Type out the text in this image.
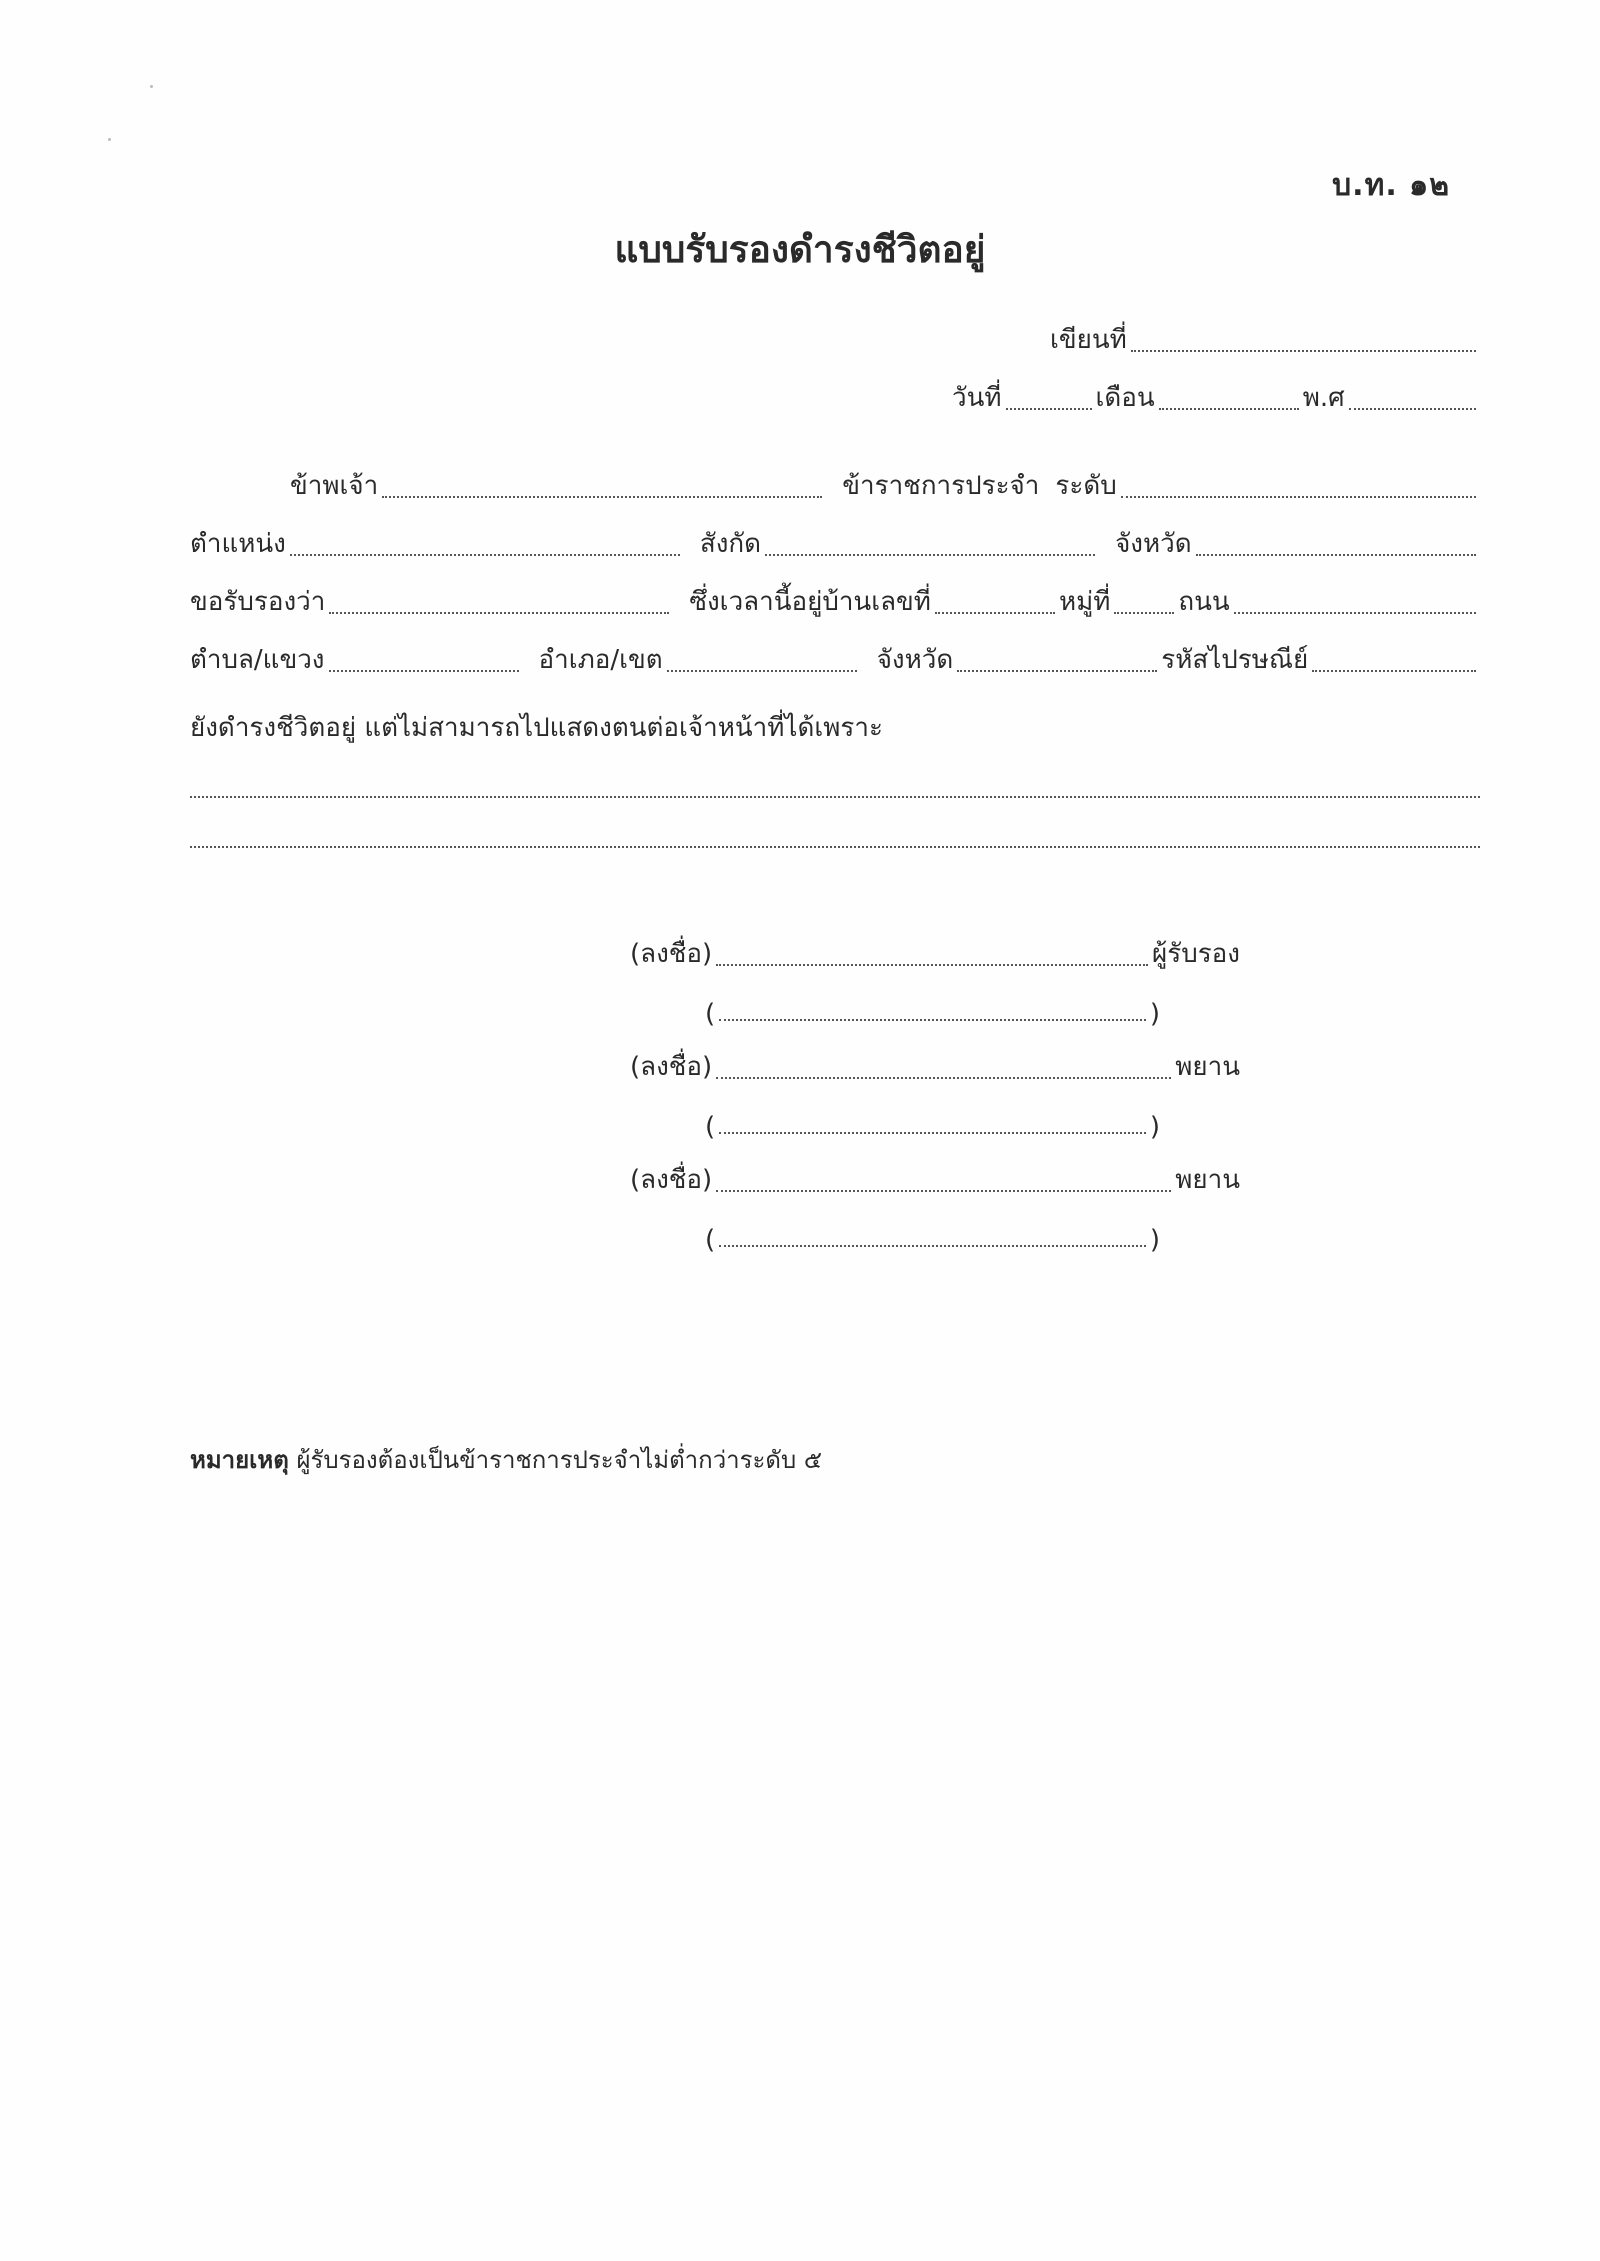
บ.ท. ๑๒
แบบรับรองดำรงชีวิตอยู่
เขียนที่
วันที่	เดือน	พ.ศ
ข้าพเจ้า	ข้าราชการประจำ ระดับ
ตำแหน่ง	สังกัด	จังหวัด
ขอรับรองว่า	ซึ่งเวลานี้อยู่บ้านเลขที่	หมู่ที่	ถนน
ตำบล/แขวง	อำเภอ/เขต	จังหวัด	รหัสไปรษณีย์
ยังดำรงชีวิตอยู่ แต่ไม่สามารถไปแสดงตนต่อเจ้าหน้าที่ได้เพราะ
(ลงชื่อ)	ผู้รับรอง
(	)
(ลงชื่อ)	พยาน
(	)
(ลงชื่อ)	พยาน
(	)
หมายเหตุ ผู้รับรองต้องเป็นข้าราชการประจำไม่ต่ำกว่าระดับ ๕
